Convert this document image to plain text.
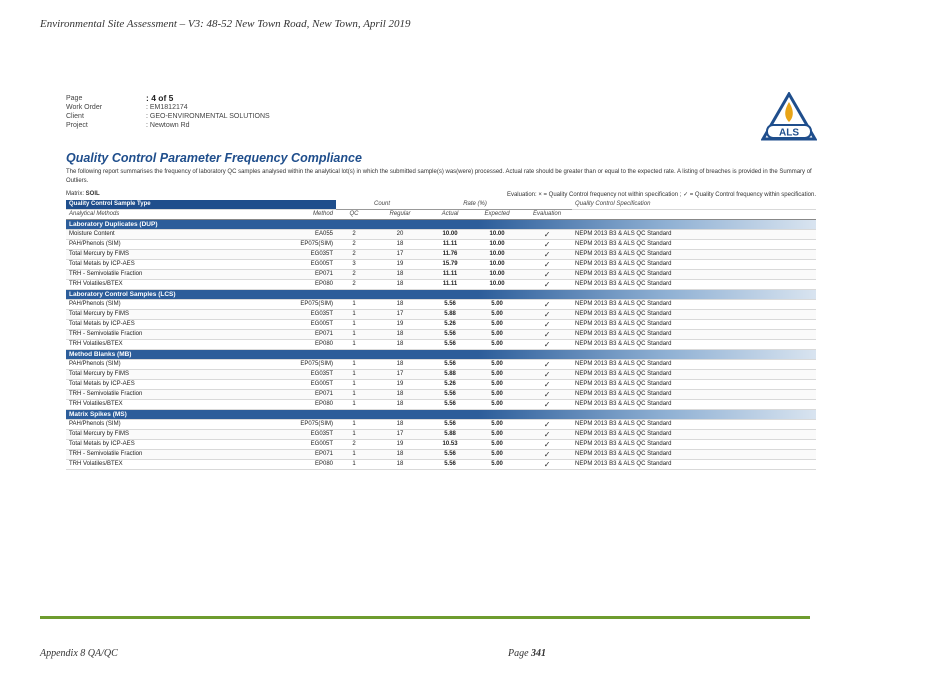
Environmental Site Assessment – V3: 48-52 New Town Road, New Town, April 2019
Page	: 4 of 5
Work Order	: EM1812174
Client	: GEO-ENVIRONMENTAL SOLUTIONS
Project	: Newtown Rd
ALS
Quality Control Parameter Frequency Compliance
The following report summarises the frequency of laboratory QC samples analysed within the analytical lot(s) in which the submitted sample(s) was(were) processed. Actual rate should be greater than or equal to the expected rate. A listing of breaches is provided in the Summary of Outliers.
Matrix: SOIL	Evaluation: × = Quality Control frequency not within specification ; ✓ = Quality Control frequency within specification.
Quality Control Sample Type		Count		Rate (%)			Quality Control Specification
Analytical Methods	Method	QC	Regular	Actual	Expected	Evaluation	
Laboratory Duplicates (DUP)							
Moisture Content	EA055	2	20	10.00	10.00	✓	NEPM 2013 B3 & ALS QC Standard
PAH/Phenols (SIM)	EP075(SIM)	2	18	11.11	10.00	✓	NEPM 2013 B3 & ALS QC Standard
Total Mercury by FIMS	EG035T	2	17	11.76	10.00	✓	NEPM 2013 B3 & ALS QC Standard
Total Metals by ICP-AES	EG005T	3	19	15.79	10.00	✓	NEPM 2013 B3 & ALS QC Standard
TRH - Semivolatile Fraction	EP071	2	18	11.11	10.00	✓	NEPM 2013 B3 & ALS QC Standard
TRH Volatiles/BTEX	EP080	2	18	11.11	10.00	✓	NEPM 2013 B3 & ALS QC Standard
Laboratory Control Samples (LCS)							
PAH/Phenols (SIM)	EP075(SIM)	1	18	5.56	5.00	✓	NEPM 2013 B3 & ALS QC Standard
Total Mercury by FIMS	EG035T	1	17	5.88	5.00	✓	NEPM 2013 B3 & ALS QC Standard
Total Metals by ICP-AES	EG005T	1	19	5.26	5.00	✓	NEPM 2013 B3 & ALS QC Standard
TRH - Semivolatile Fraction	EP071	1	18	5.56	5.00	✓	NEPM 2013 B3 & ALS QC Standard
TRH Volatiles/BTEX	EP080	1	18	5.56	5.00	✓	NEPM 2013 B3 & ALS QC Standard
Method Blanks (MB)							
PAH/Phenols (SIM)	EP075(SIM)	1	18	5.56	5.00	✓	NEPM 2013 B3 & ALS QC Standard
Total Mercury by FIMS	EG035T	1	17	5.88	5.00	✓	NEPM 2013 B3 & ALS QC Standard
Total Metals by ICP-AES	EG005T	1	19	5.26	5.00	✓	NEPM 2013 B3 & ALS QC Standard
TRH - Semivolatile Fraction	EP071	1	18	5.56	5.00	✓	NEPM 2013 B3 & ALS QC Standard
TRH Volatiles/BTEX	EP080	1	18	5.56	5.00	✓	NEPM 2013 B3 & ALS QC Standard
Matrix Spikes (MS)							
PAH/Phenols (SIM)	EP075(SIM)	1	18	5.56	5.00	✓	NEPM 2013 B3 & ALS QC Standard
Total Mercury by FIMS	EG035T	1	17	5.88	5.00	✓	NEPM 2013 B3 & ALS QC Standard
Total Metals by ICP-AES	EG005T	2	19	10.53	5.00	✓	NEPM 2013 B3 & ALS QC Standard
TRH - Semivolatile Fraction	EP071	1	18	5.56	5.00	✓	NEPM 2013 B3 & ALS QC Standard
TRH Volatiles/BTEX	EP080	1	18	5.56	5.00	✓	NEPM 2013 B3 & ALS QC Standard
Appendix 8 QA/QC	Page 341
